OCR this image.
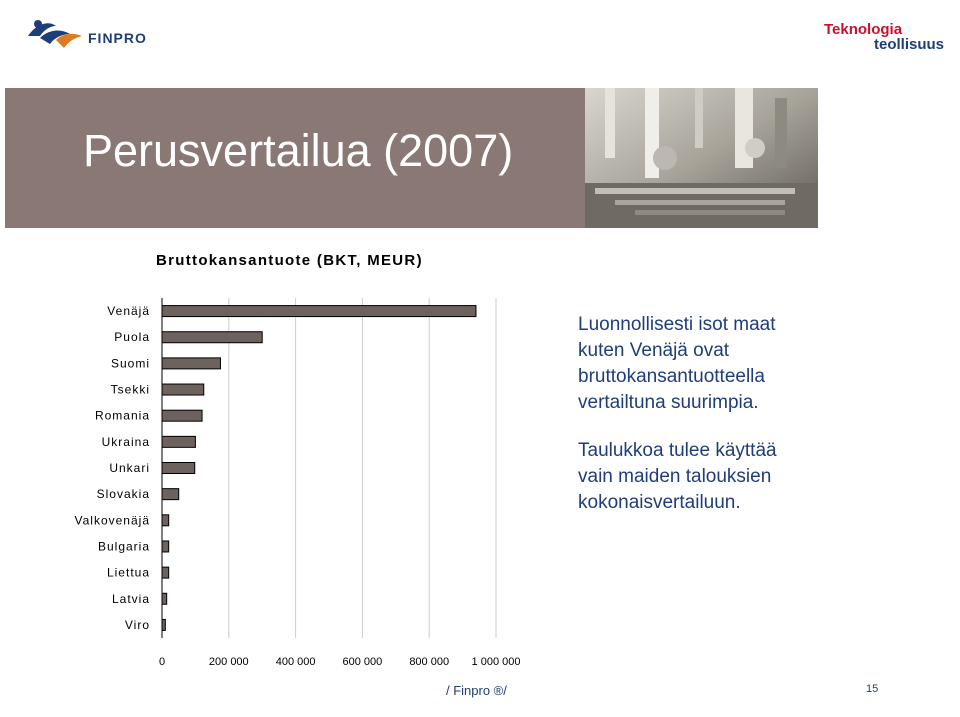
FINPRO	Teknologia
teollisuus
Perusvertailua (2007)
Bruttokansantuote (BKT, MEUR)
0	200 000 400 000 600 000 800 000 1 000 000
Venäjä
Puola
Suomi
Tsekki
Romania
Ukraina
Unkari
Slovakia
Valkovenäjä
Bulgaria
Liettua
Latvia
Viro
Luonnollisesti isot maat
kuten Venäjä ovat
bruttokansantuotteella
vertailtuna suurimpia.
Taulukkoa tulee käyttää
vain maiden talouksien
kokonaisvertailuun.
/ Finpro ®/	15
